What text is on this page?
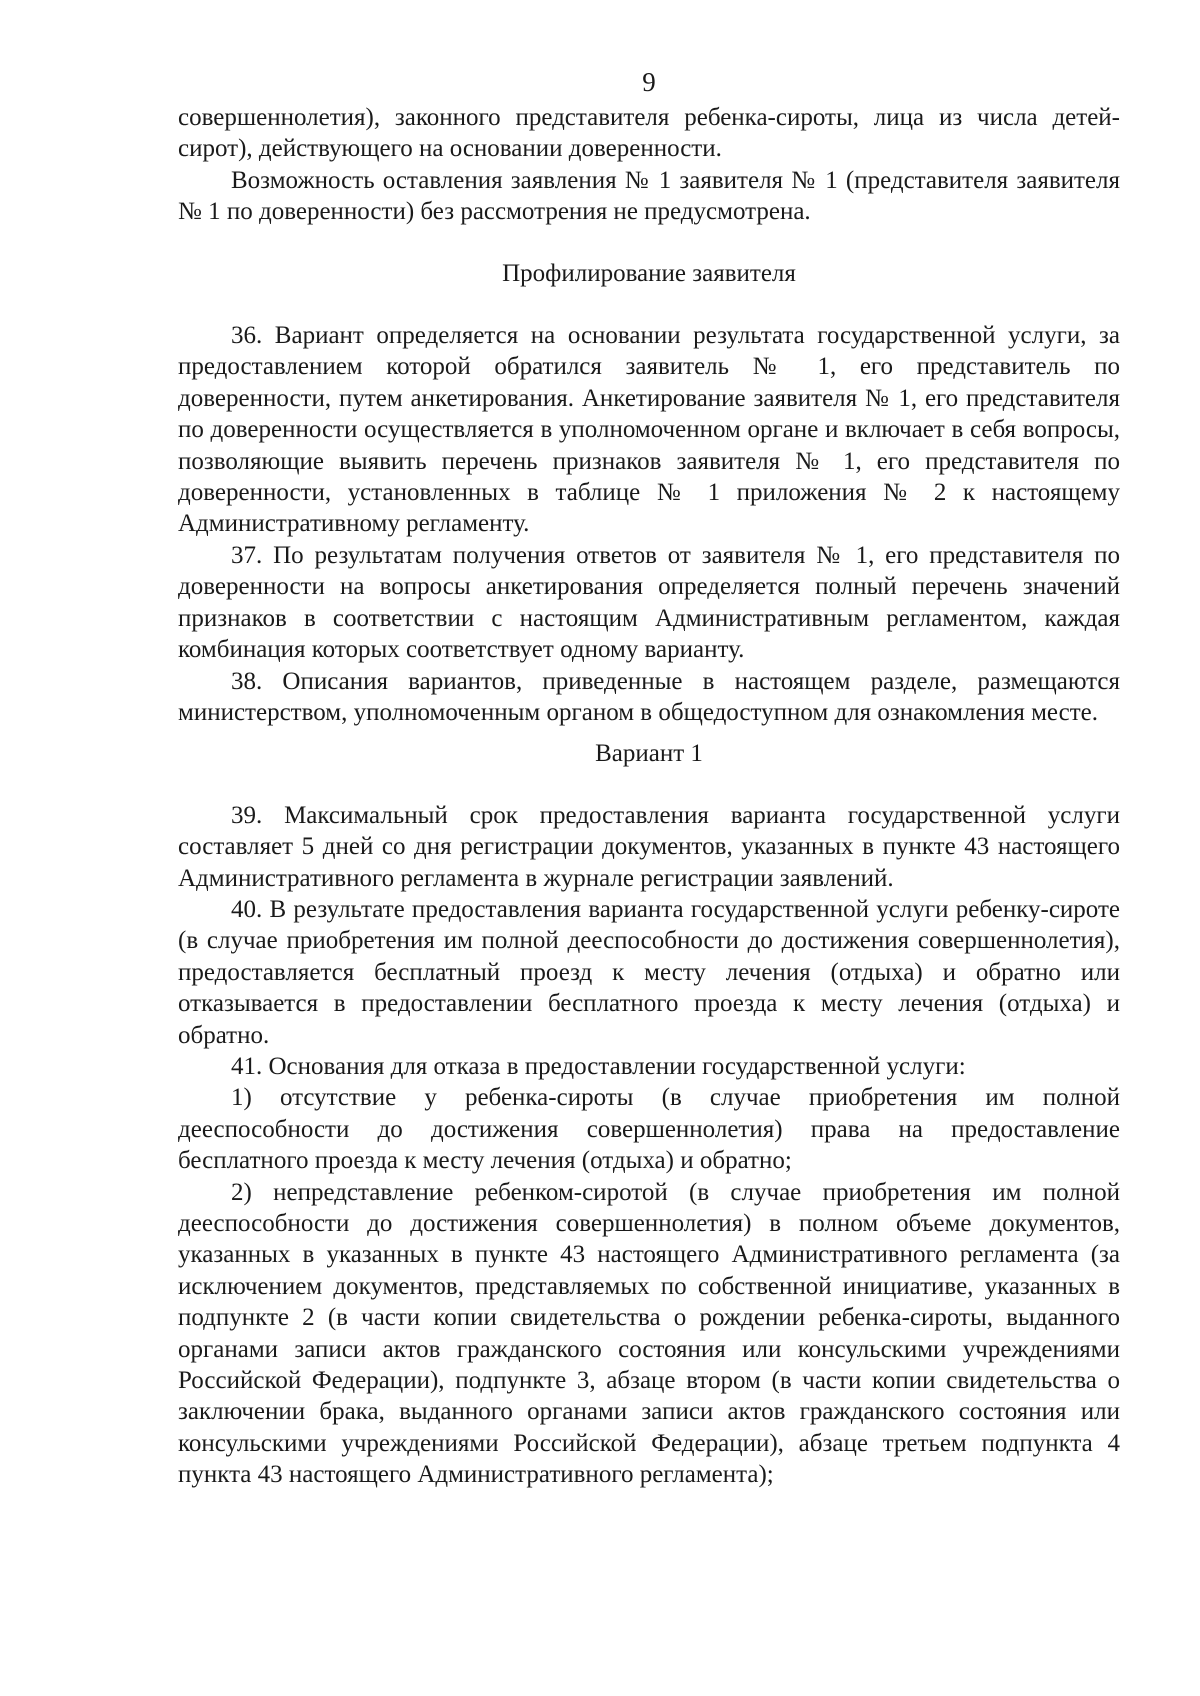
9

совершеннолетия), законного представителя ребенка-сироты, лица из числа детей-сирот), действующего на основании доверенности.

Возможность оставления заявления № 1 заявителя № 1 (представителя заявителя № 1 по доверенности) без рассмотрения не предусмотрена.

Профилирование заявителя

36. Вариант определяется на основании результата государственной услуги, за предоставлением которой обратился заявитель № 1, его представитель по доверенности, путем анкетирования. Анкетирование заявителя № 1, его представителя по доверенности осуществляется в уполномоченном органе и включает в себя вопросы, позволяющие выявить перечень признаков заявителя № 1, его представителя по доверенности, установленных в таблице № 1 приложения № 2 к настоящему Административному регламенту.

37. По результатам получения ответов от заявителя № 1, его представителя по доверенности на вопросы анкетирования определяется полный перечень значений признаков в соответствии с настоящим Административным регламентом, каждая комбинация которых соответствует одному варианту.

38. Описания вариантов, приведенные в настоящем разделе, размещаются министерством, уполномоченным органом в общедоступном для ознакомления месте.

Вариант 1

39. Максимальный срок предоставления варианта государственной услуги составляет 5 дней со дня регистрации документов, указанных в пункте 43 настоящего Административного регламента в журнале регистрации заявлений.

40. В результате предоставления варианта государственной услуги ребенку-сироте (в случае приобретения им полной дееспособности до достижения совершеннолетия), предоставляется бесплатный проезд к месту лечения (отдыха) и обратно или отказывается в предоставлении бесплатного проезда к месту лечения (отдыха) и обратно.

41. Основания для отказа в предоставлении государственной услуги:

1) отсутствие у ребенка-сироты (в случае приобретения им полной дееспособности до достижения совершеннолетия) права на предоставление бесплатного проезда к месту лечения (отдыха) и обратно;

2) непредставление ребенком-сиротой (в случае приобретения им полной дееспособности до достижения совершеннолетия) в полном объеме документов, указанных в указанных в пункте 43 настоящего Административного регламента (за исключением документов, представляемых по собственной инициативе, указанных в подпункте 2 (в части копии свидетельства о рождении ребенка-сироты, выданного органами записи актов гражданского состояния или консульскими учреждениями Российской Федерации), подпункте 3, абзаце втором (в части копии свидетельства о заключении брака, выданного органами записи актов гражданского состояния или консульскими учреждениями Российской Федерации), абзаце третьем подпункта 4 пункта 43 настоящего Административного регламента);
